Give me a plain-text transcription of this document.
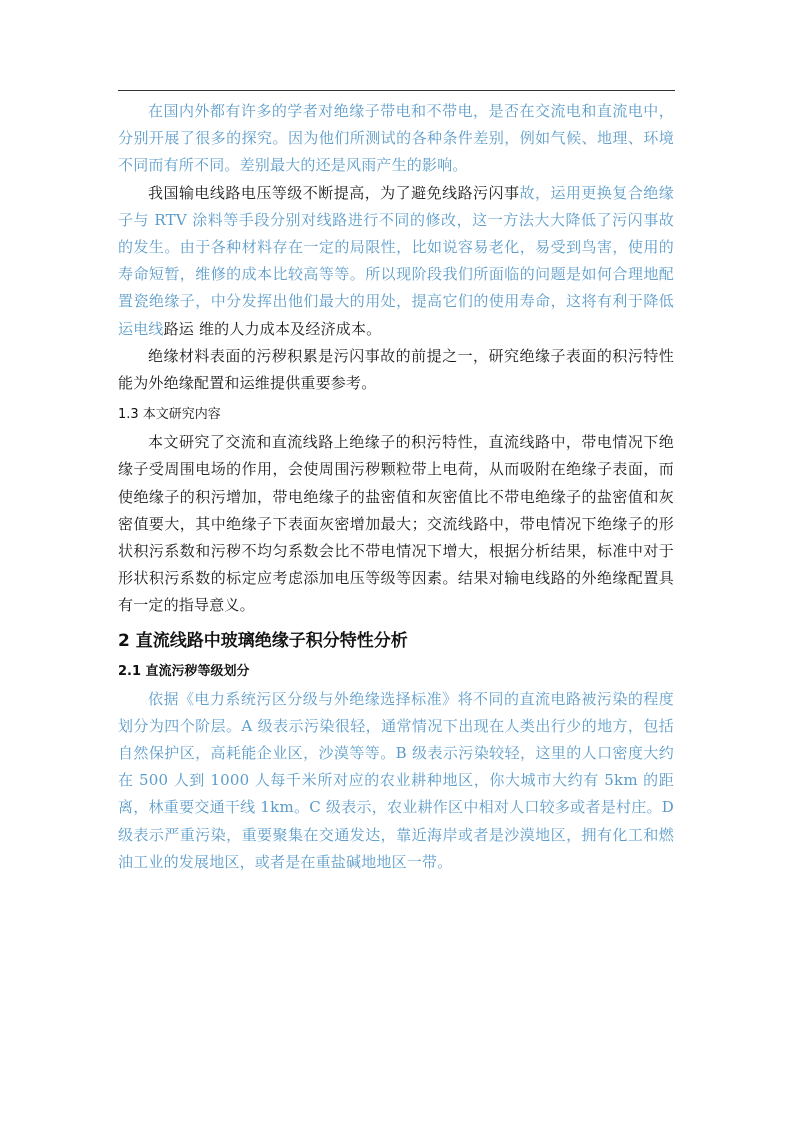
在国内外都有许多的学者对绝缘子带电和不带电，是否在交流电和直流电中，分别开展了很多的探究。因为他们所测试的各种条件差别，例如气候、地理、环境不同而有所不同。差别最大的还是风雨产生的影响。

我国输电线路电压等级不断提高，为了避免线路污闪事故，运用更换复合绝缘子与 RTV 涂料等手段分别对线路进行不同的修改，这一方法大大降低了污闪事故的发生。由于各种材料存在一定的局限性，比如说容易老化，易受到鸟害，使用的寿命短暂，维修的成本比较高等等。所以现阶段我们所面临的问题是如何合理地配置瓷绝缘子，中分发挥出他们最大的用处，提高它们的使用寿命，这将有利于降低运电线路运 维的人力成本及经济成本。

绝缘材料表面的污秽积累是污闪事故的前提之一，研究绝缘子表面的积污特性能为外绝缘配置和运维提供重要参考。

1.3 本文研究内容

本文研究了交流和直流线路上绝缘子的积污特性，直流线路中，带电情况下绝缘子受周围电场的作用，会使周围污秽颗粒带上电荷，从而吸附在绝缘子表面，而使绝缘子的积污增加，带电绝缘子的盐密值和灰密值比不带电绝缘子的盐密值和灰密值要大，其中绝缘子下表面灰密增加最大；交流线路中，带电情况下绝缘子的形状积污系数和污秽不均匀系数会比不带电情况下增大，根据分析结果，标准中对于形状积污系数的标定应考虑添加电压等级等因素。结果对输电线路的外绝缘配置具有一定的指导意义。

2 直流线路中玻璃绝缘子积分特性分析
2.1 直流污秽等级划分

依据《电力系统污区分级与外绝缘选择标准》将不同的直流电路被污染的程度划分为四个阶层。A 级表示污染很轻，通常情况下出现在人类出行少的地方，包括自然保护区，高耗能企业区，沙漠等等。B 级表示污染较轻，这里的人口密度大约在 500 人到 1000 人每千米所对应的农业耕种地区，你大城市大约有 5km 的距离，林重要交通干线 1km。C 级表示，农业耕作区中相对人口较多或者是村庄。D 级表示严重污染，重要聚集在交通发达，靠近海岸或者是沙漠地区，拥有化工和燃油工业的发展地区，或者是在重盐碱地地区一带。
